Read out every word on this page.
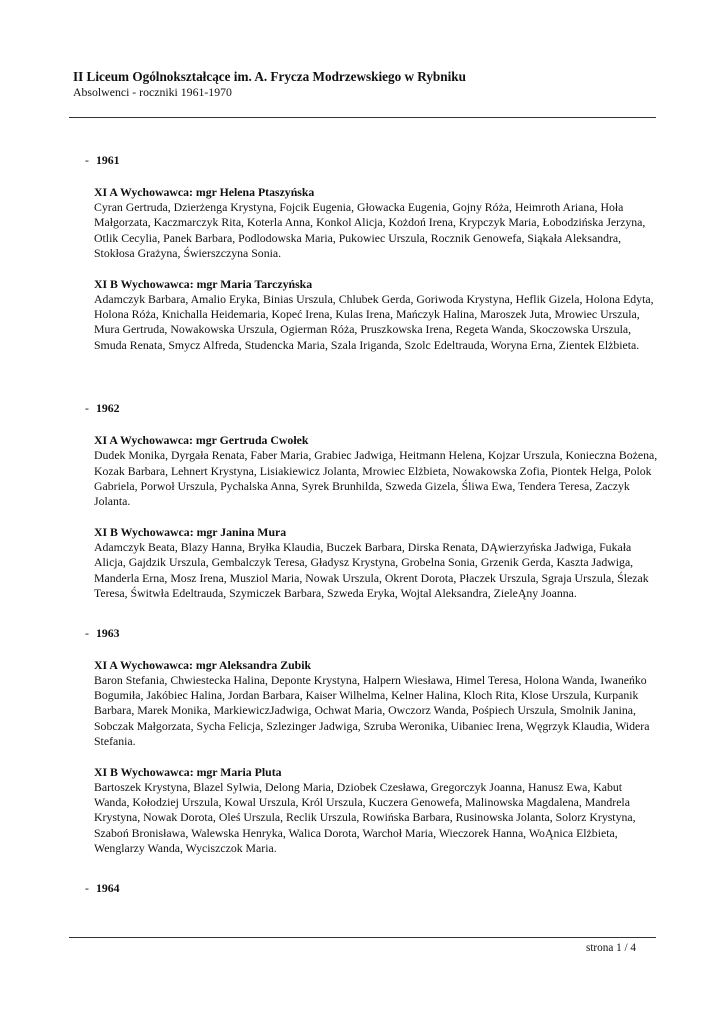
II Liceum Ogólnokształcące im. A. Frycza Modrzewskiego w Rybniku
Absolwenci - roczniki 1961-1970
- 1961
XI A Wychowawca: mgr Helena Ptaszyńska
Cyran Gertruda, Dzierżenga Krystyna, Fojcik Eugenia, Głowacka Eugenia, Gojny Róża, Heimroth Ariana, Hoła Małgorzata, Kaczmarczyk Rita, Koterla Anna, Konkol Alicja, Kożdoń Irena, Krypczyk Maria, Łobodzińska Jerzyna, Otlik Cecylia, Panek Barbara, Podlodowska Maria, Pukowiec Urszula, Rocznik Genowefa, Siąkała Aleksandra, Stokłosa Grażyna, Świerszczyna Sonia.
XI B Wychowawca: mgr Maria Tarczyńska
Adamczyk Barbara, Amalio Eryka, Binias Urszula, Chlubek Gerda, Goriwoda Krystyna, Heflik Gizela, Holona Edyta, Holona Róża, Knichalla Heidemaria, Kopeć Irena, Kulas Irena, Mańczyk Halina, Maroszek Juta, Mrowiec Urszula, Mura Gertruda, Nowakowska Urszula, Ogierman Róża, Pruszkowska Irena, Regeta Wanda, Skoczowska Urszula, Smuda Renata, Smycz Alfreda, Studencka Maria, Szala Iriganda, Szolc Edeltrauda, Woryna Erna, Zientek Elżbieta.
- 1962
XI A Wychowawca: mgr Gertruda Cwołek
Dudek Monika, Dyrgała Renata, Faber Maria, Grabiec Jadwiga, Heitmann Helena, Kojzar Urszula, Konieczna Bożena, Kozak Barbara, Lehnert Krystyna, Lisiakiewicz Jolanta, Mrowiec Elżbieta, Nowakowska Zofia, Piontek Helga, Polok Gabriela, Porwoł Urszula, Pychalska Anna, Syrek Brunhilda, Szweda Gizela, Śliwa Ewa, Tendera Teresa, Zaczyk Jolanta.
XI B Wychowawca: mgr Janina Mura
Adamczyk Beata, Blazy Hanna, Bryłka Klaudia, Buczek Barbara, Dirska Renata, DĄwierzyńska Jadwiga, Fukała Alicja, Gajdzik Urszula, Gembalczyk Teresa, Gładysz Krystyna, Grobelna Sonia, Grzenik Gerda, Kaszta Jadwiga, Manderla Erna, Mosz Irena, Musziol Maria, Nowak Urszula, Okrent Dorota, Płaczek Urszula, Sgraja Urszula, Ślezak Teresa, Świtwła Edeltrauda, Szymiczek Barbara, Szweda Eryka, Wojtal Aleksandra, ZieleĄny Joanna.
- 1963
XI A Wychowawca: mgr Aleksandra Zubik
Baron Stefania, Chwiestecka Halina, Deponte Krystyna, Halpern Wiesława, Himel Teresa, Holona Wanda, Iwaneńko Bogumiła, Jakóbiec Halina, Jordan Barbara, Kaiser Wilhelma, Kelner Halina, Kloch Rita, Klose Urszula, Kurpanik Barbara, Marek Monika, MarkiewiczJadwiga, Ochwat Maria, Owczorz Wanda, Pośpiech Urszula, Smolnik Janina, Sobczak Małgorzata, Sycha Felicja, Szlezinger Jadwiga, Szruba Weronika, Uibaniec Irena, Węgrzyk Klaudia, Widera Stefania.
XI B Wychowawca: mgr Maria Pluta
Bartoszek Krystyna, Blazel Sylwia, Delong Maria, Dziobek Czesława, Gregorczyk Joanna, Hanusz Ewa, Kabut Wanda, Kołodziej Urszula, Kowal Urszula, Król Urszula, Kuczera Genowefa, Malinowska Magdalena, Mandrela Krystyna, Nowak Dorota, Oleś Urszula, Reclik Urszula, Rowińska Barbara, Rusinowska Jolanta, Solorz Krystyna, Szaboń Bronisława, Walewska Henryka, Walica Dorota, Warchoł Maria, Wieczorek Hanna, WoĄnica Elżbieta, Wenglarzy Wanda, Wyciszczok Maria.
- 1964
strona 1 / 4
